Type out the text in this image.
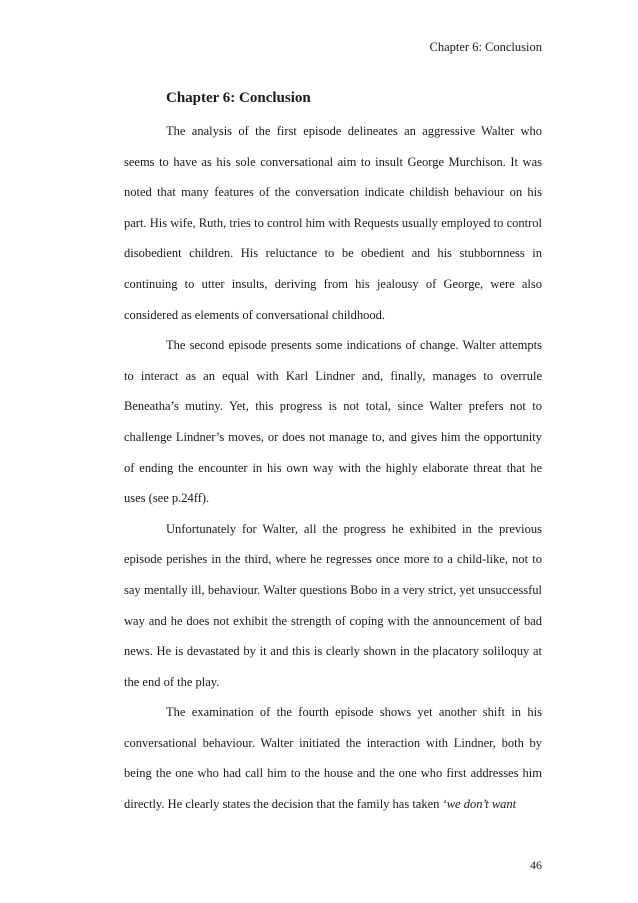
Chapter 6: Conclusion
Chapter 6: Conclusion

The analysis of the first episode delineates an aggressive Walter who seems to have as his sole conversational aim to insult George Murchison. It was noted that many features of the conversation indicate childish behaviour on his part. His wife, Ruth, tries to control him with Requests usually employed to control disobedient children. His reluctance to be obedient and his stubbornness in continuing to utter insults, deriving from his jealousy of George, were also considered as elements of conversational childhood.

The second episode presents some indications of change. Walter attempts to interact as an equal with Karl Lindner and, finally, manages to overrule Beneatha’s mutiny. Yet, this progress is not total, since Walter prefers not to challenge Lindner’s moves, or does not manage to, and gives him the opportunity of ending the encounter in his own way with the highly elaborate threat that he uses (see p.24ff).

Unfortunately for Walter, all the progress he exhibited in the previous episode perishes in the third, where he regresses once more to a child-like, not to say mentally ill, behaviour. Walter questions Bobo in a very strict, yet unsuccessful way and he does not exhibit the strength of coping with the announcement of bad news. He is devastated by it and this is clearly shown in the placatory soliloquy at the end of the play.

The examination of the fourth episode shows yet another shift in his conversational behaviour. Walter initiated the interaction with Lindner, both by being the one who had call him to the house and the one who first addresses him directly. He clearly states the decision that the family has taken ‘we don’t want

46
